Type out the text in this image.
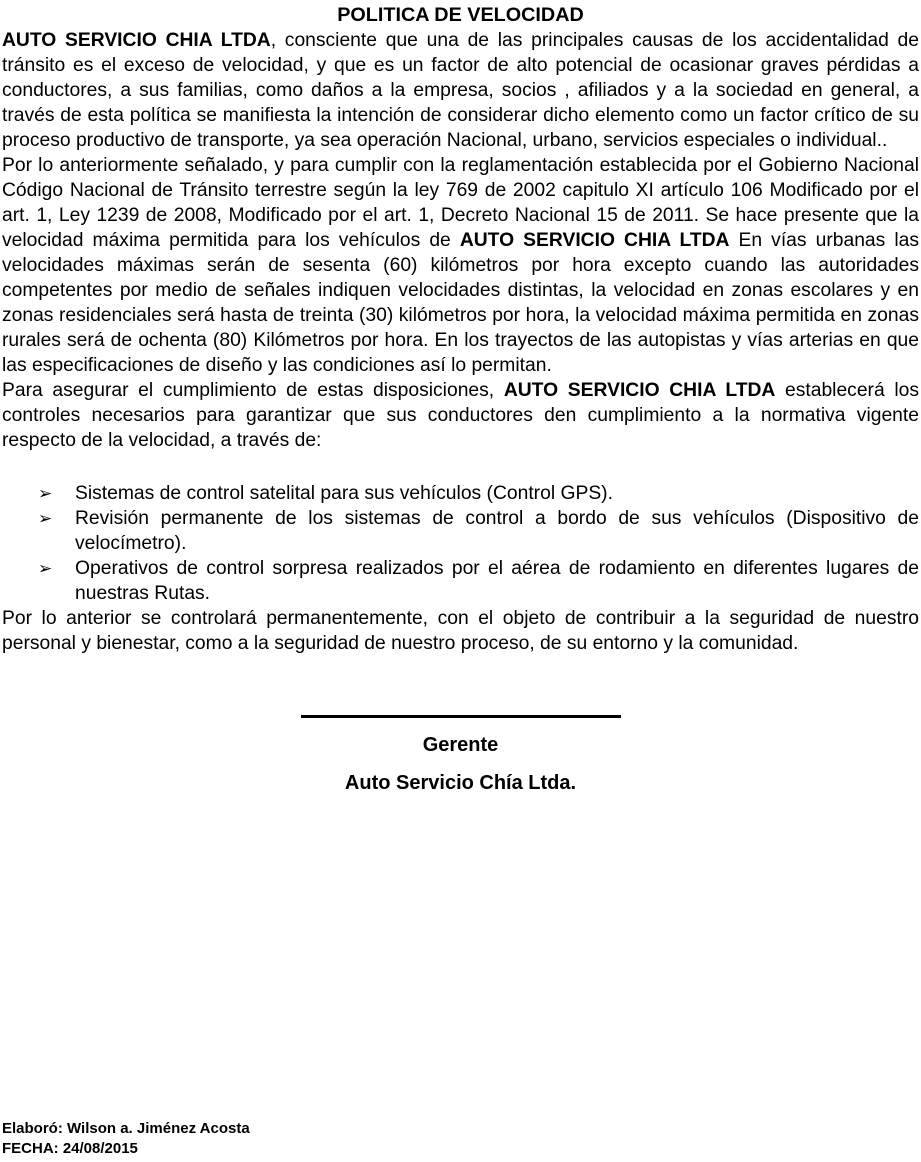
POLITICA DE VELOCIDAD

AUTO SERVICIO CHIA LTDA, consciente que una de las principales causas de los accidentalidad de tránsito es el exceso de velocidad, y que es un factor de alto potencial de ocasionar graves pérdidas a conductores, a sus familias, como daños a la empresa, socios , afiliados y a la sociedad en general, a través de esta política se manifiesta la intención de considerar dicho elemento como un factor crítico de su proceso productivo de transporte, ya sea operación Nacional, urbano, servicios especiales o individual..

Por lo anteriormente señalado, y para cumplir con la reglamentación establecida por el Gobierno Nacional Código Nacional de Tránsito terrestre según la ley 769 de 2002 capitulo XI artículo 106 Modificado por el art. 1, Ley 1239 de 2008, Modificado por el art. 1, Decreto Nacional 15 de 2011. Se hace presente que la velocidad máxima permitida para los vehículos de AUTO SERVICIO CHIA LTDA En vías urbanas las velocidades máximas serán de sesenta (60) kilómetros por hora excepto cuando las autoridades competentes por medio de señales indiquen velocidades distintas, la velocidad en zonas escolares y en zonas residenciales será hasta de treinta (30) kilómetros por hora, la velocidad máxima permitida en zonas rurales será de ochenta (80) Kilómetros por hora. En los trayectos de las autopistas y vías arterias en que las especificaciones de diseño y las condiciones así lo permitan.

Para asegurar el cumplimiento de estas disposiciones, AUTO SERVICIO CHIA LTDA establecerá los controles necesarios para garantizar que sus conductores den cumplimiento a la normativa vigente respecto de la velocidad, a través de:

➢ Sistemas de control satelital para sus vehículos (Control GPS).
➢ Revisión permanente de los sistemas de control a bordo de sus vehículos (Dispositivo de velocímetro).
➢ Operativos de control sorpresa realizados por el aérea de rodamiento en diferentes lugares de nuestras Rutas.

Por lo anterior se controlará permanentemente, con el objeto de contribuir a la seguridad de nuestro personal y bienestar, como a la seguridad de nuestro proceso, de su entorno y la comunidad.

Gerente
Auto Servicio Chía Ltda.
Elaboró: Wilson a. Jiménez Acosta
FECHA: 24/08/2015
